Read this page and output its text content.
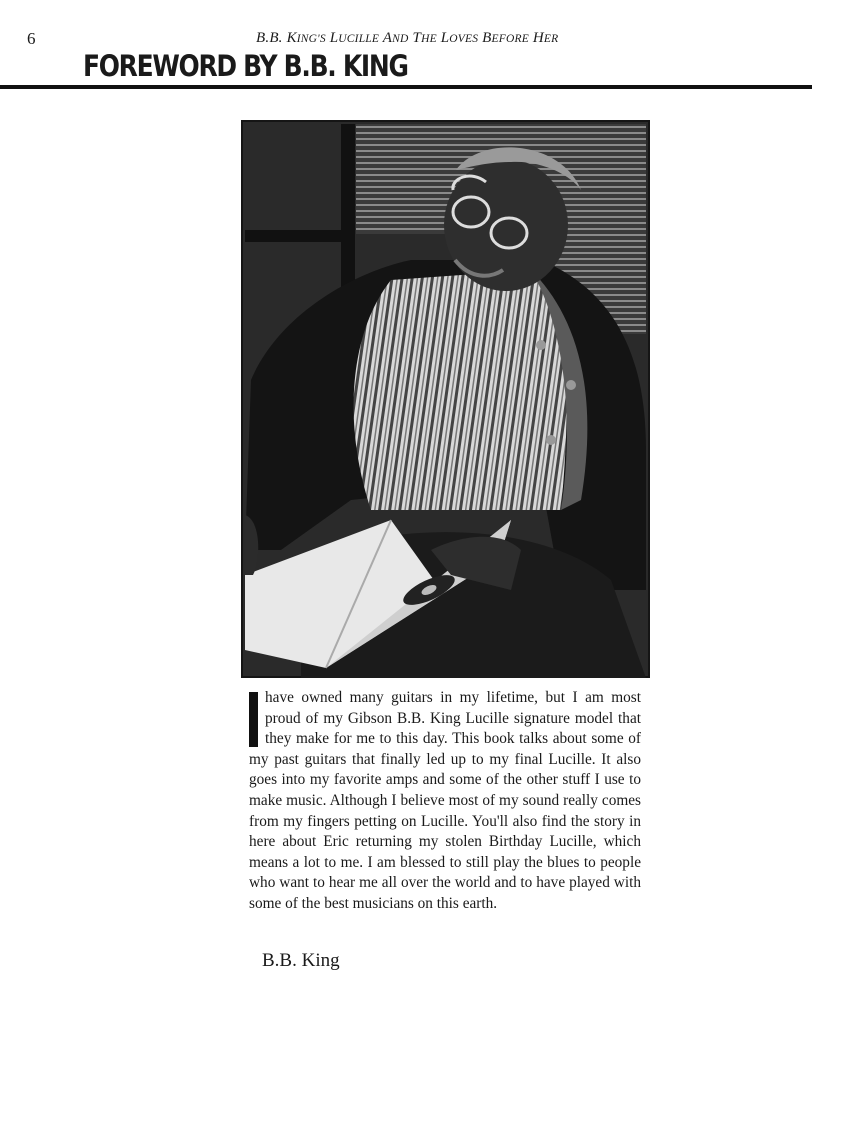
6	B.B. KING'S LUCILLE AND THE LOVES BEFORE HER
FOREWORD BY B.B. KING
have owned many guitars in my lifetime, but I am most proud of my Gibson B.B. King Lucille signature model that they make for me to this day. This book talks about some of my past guitars that finally led up to my final Lucille. It also goes into my favorite amps and some of the other stuff I use to make music. Although I believe most of my sound really comes from my fingers petting on Lucille. You'll also find the story in here about Eric returning my stolen Birthday Lucille, which means a lot to me. I am blessed to still play the blues to people who want to hear me all over the world and to have played with some of the best musicians on this earth.
B.B. King
